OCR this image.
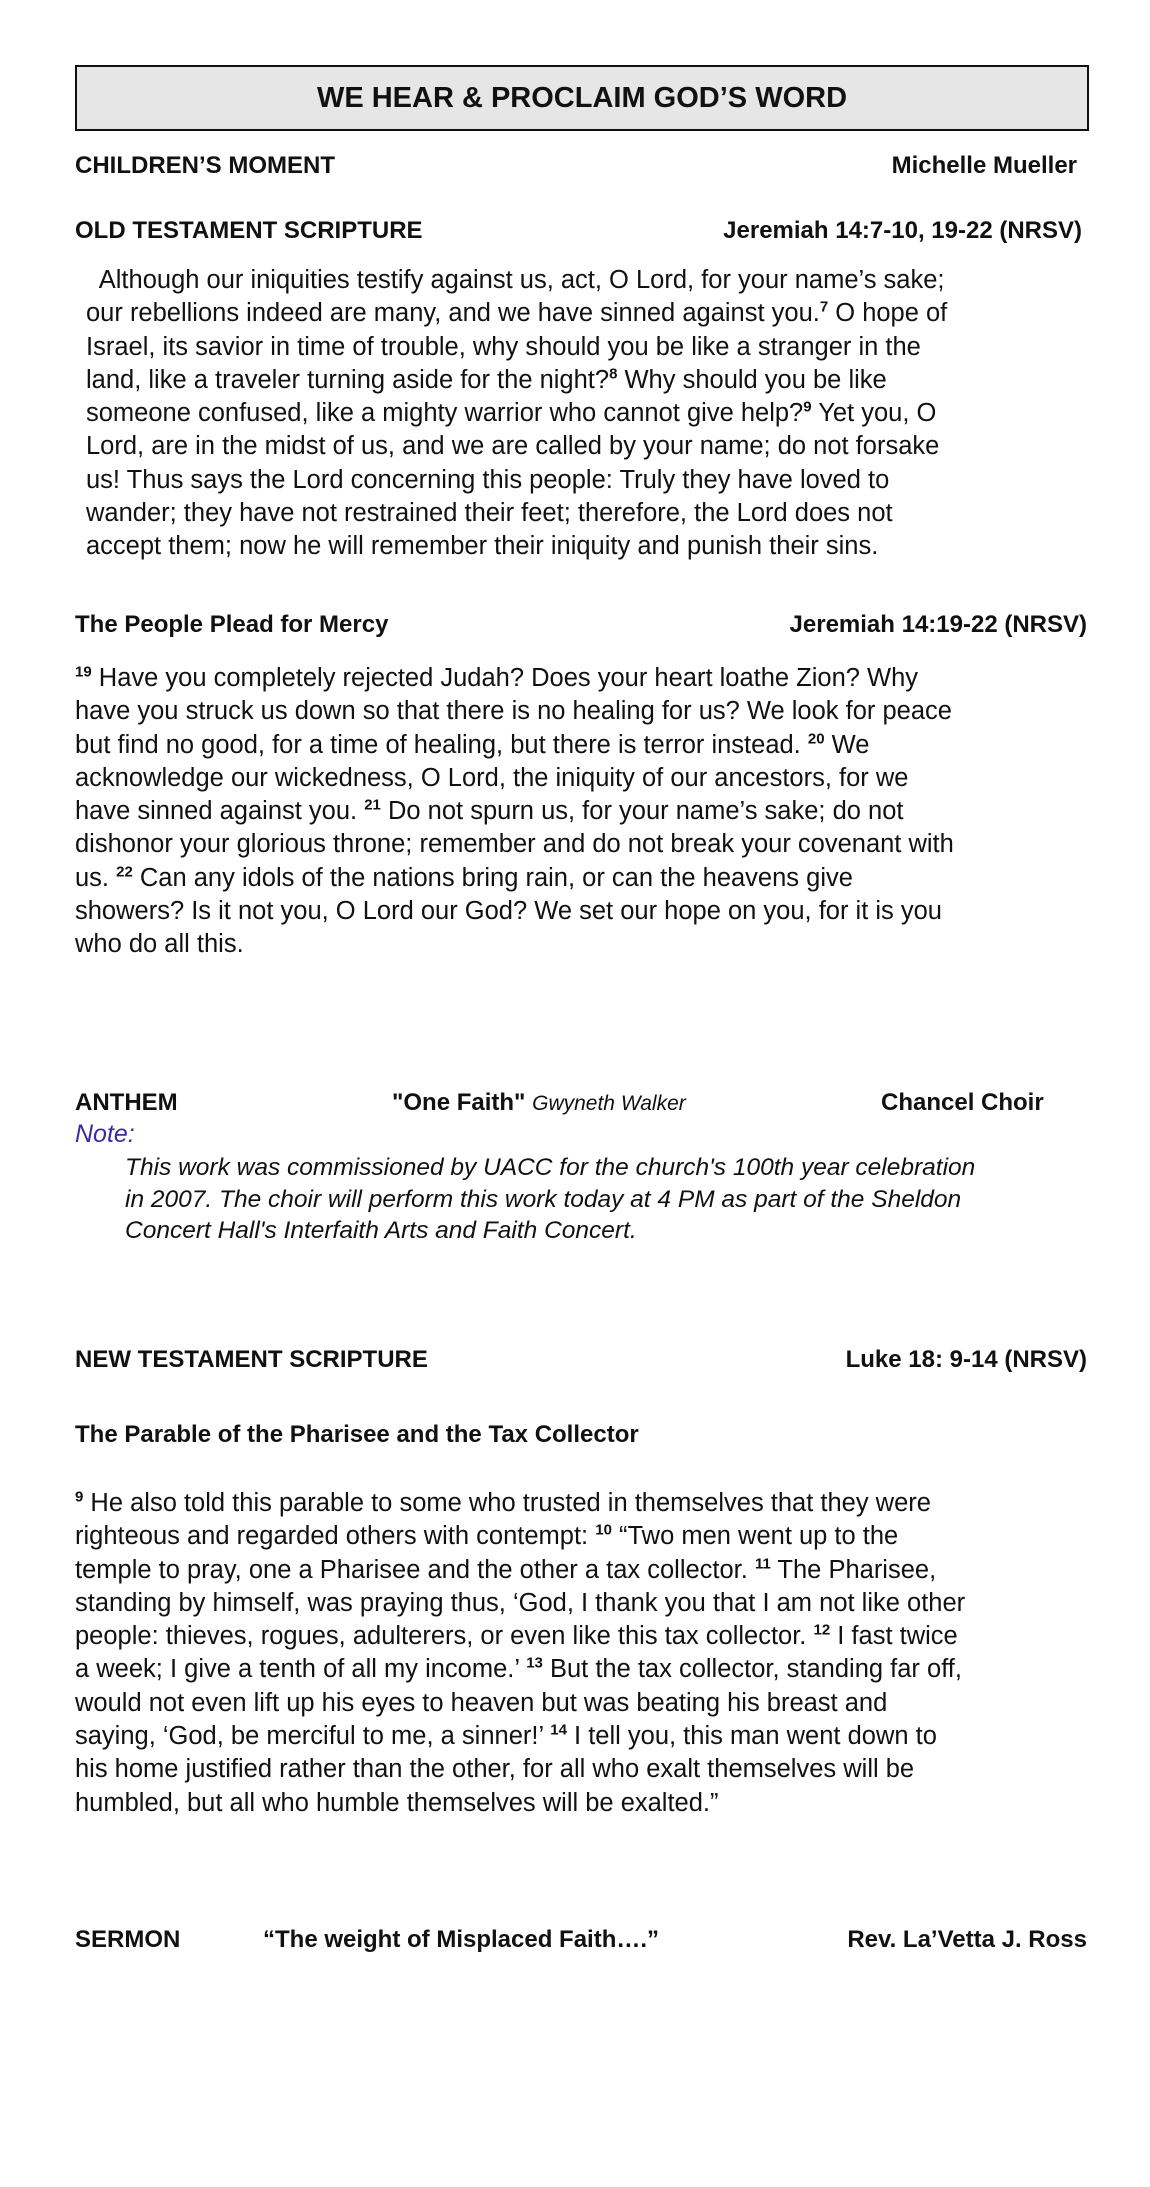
WE HEAR & PROCLAIM GOD’S WORD
CHILDREN’S MOMENT	Michelle Mueller
OLD TESTAMENT SCRIPTURE	Jeremiah 14:7-10, 19-22 (NRSV)
Although our iniquities testify against us, act, O Lord, for your name’s sake;
our rebellions indeed are many, and we have sinned against you.$^7$ O hope of
Israel, its savior in time of trouble, why should you be like a stranger in the
land, like a traveler turning aside for the night?$^8$ Why should you be like
someone confused, like a mighty warrior who cannot give help?$^9$ Yet you, O
Lord, are in the midst of us, and we are called by your name; do not forsake
us! Thus says the Lord concerning this people: Truly they have loved to
wander; they have not restrained their feet; therefore, the Lord does not
accept them; now he will remember their iniquity and punish their sins.
The People Plead for Mercy	Jeremiah 14:19-22 (NRSV)
$^{19}$ Have you completely rejected Judah? Does your heart loathe Zion? Why
have you struck us down so that there is no healing for us? We look for peace
but find no good, for a time of healing, but there is terror instead. $^{20}$ We
acknowledge our wickedness, O Lord, the iniquity of our ancestors, for we
have sinned against you. $^{21}$ Do not spurn us, for your name’s sake; do not
dishonor your glorious throne; remember and do not break your covenant with
us. $^{22}$ Can any idols of the nations bring rain, or can the heavens give
showers? Is it not you, O Lord our God? We set our hope on you, for it is you
who do all this.
ANTHEM	"One Faith" Gwyneth Walker	Chancel Choir
Note:
This work was commissioned by UACC for the church's 100th year celebration
in 2007. The choir will perform this work today at 4 PM as part of the Sheldon
Concert Hall's Interfaith Arts and Faith Concert.
NEW TESTAMENT SCRIPTURE	Luke 18: 9-14 (NRSV)
The Parable of the Pharisee and the Tax Collector
$^9$ He also told this parable to some who trusted in themselves that they were
righteous and regarded others with contempt: $^{10}$ “Two men went up to the
temple to pray, one a Pharisee and the other a tax collector. $^{11}$ The Pharisee,
standing by himself, was praying thus, ‘God, I thank you that I am not like other
people: thieves, rogues, adulterers, or even like this tax collector. $^{12}$ I fast twice
a week; I give a tenth of all my income.’ $^{13}$ But the tax collector, standing far off,
would not even lift up his eyes to heaven but was beating his breast and
saying, ‘God, be merciful to me, a sinner!’ $^{14}$ I tell you, this man went down to
his home justified rather than the other, for all who exalt themselves will be
humbled, but all who humble themselves will be exalted.”
SERMON	“The weight of Misplaced Faith….”	Rev. La’Vetta J. Ross
